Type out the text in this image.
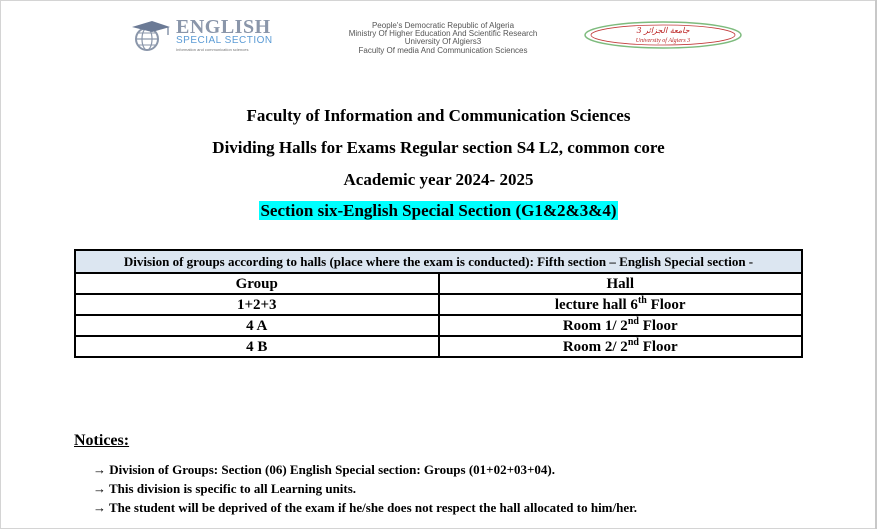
ENGLISH
SPECIAL SECTION
Information and communication sciences
People's Democratic Republic of Algeria
Ministry Of Higher Education And Scientific Research
University Of Algiers3
Faculty Of media And Communication Sciences
جامعة الجزائر 3
University of Algiers 3
Faculty of Information and Communication Sciences
Dividing Halls for Exams Regular section S4 L2, common core
Academic year 2024- 2025
Section six-English Special Section (G1&2&3&4)
Division of groups according to halls (place where the exam is conducted): Fifth section – English Special section -	
Group	Hall
1+2+3	lecture hall 6th Floor
4 A	Room 1/ 2nd Floor
4 B	Room 2/ 2nd Floor
Notices:
→ Division of Groups: Section (06) English Special section: Groups (01+02+03+04).
→ This division is specific to all Learning units.
→ The student will be deprived of the exam if he/she does not respect the hall allocated to him/her.
